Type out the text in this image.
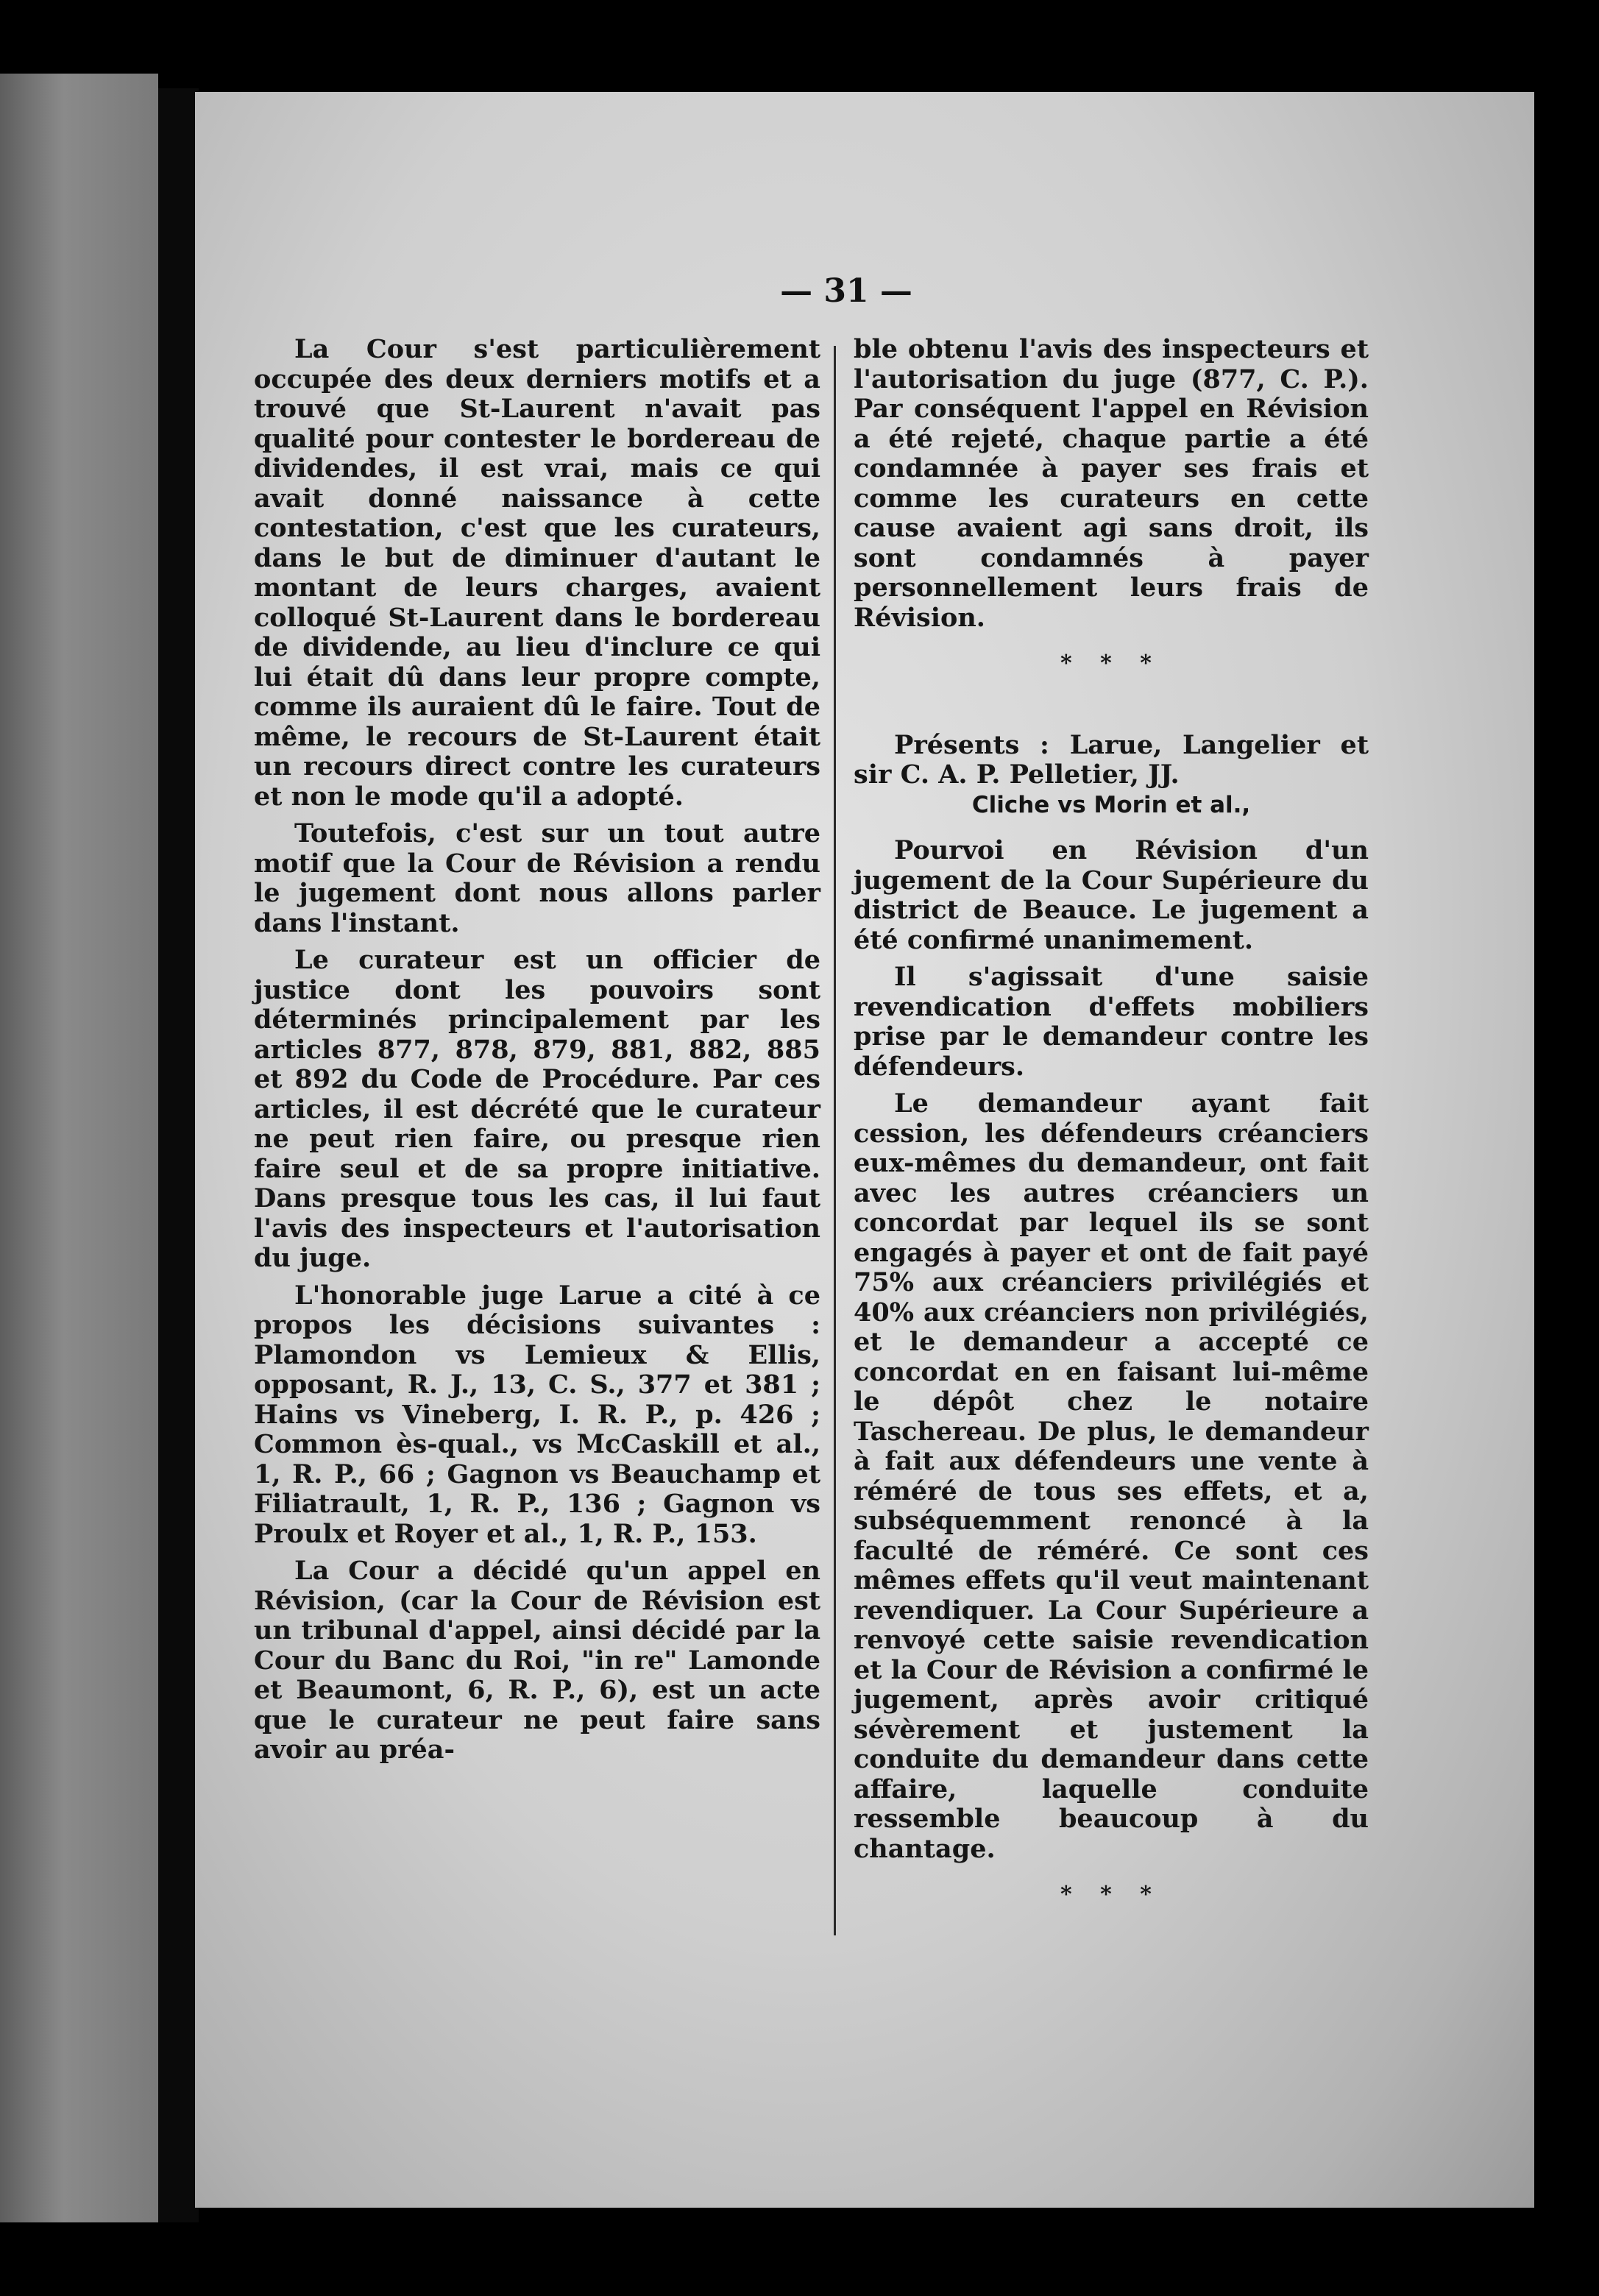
— 31 —

La Cour s'est particulièrement occupée des deux derniers motifs et a trouvé que St-Laurent n'avait pas qualité pour contester le bordereau de dividendes, il est vrai, mais ce qui avait donné naissance à cette contestation, c'est que les curateurs, dans le but de diminuer d'autant le montant de leurs charges, avaient colloqué St-Laurent dans le bordereau de dividende, au lieu d'inclure ce qui lui était dû dans leur propre compte, comme ils auraient dû le faire. Tout de même, le recours de St-Laurent était un recours direct contre les curateurs et non le mode qu'il a adopté.

Toutefois, c'est sur un tout autre motif que la Cour de Révision a rendu le jugement dont nous allons parler dans l'instant.

Le curateur est un officier de justice dont les pouvoirs sont déterminés principalement par les articles 877, 878, 879, 881, 882, 885 et 892 du Code de Procédure. Par ces articles, il est décrété que le curateur ne peut rien faire, ou presque rien faire seul et de sa propre initiative. Dans presque tous les cas, il lui faut l'avis des inspecteurs et l'autorisation du juge.

L'honorable juge Larue a cité à ce propos les décisions suivantes : Plamondon vs Lemieux & Ellis, opposant, R. J., 13, C. S., 377 et 381 ; Hains vs Vineberg, I. R. P., p. 426 ; Common ès-qual., vs McCaskill et al., 1, R. P., 66 ; Gagnon vs Beauchamp et Filiatrault, 1, R. P., 136 ; Gagnon vs Proulx et Royer et al., 1, R. P., 153.

La Cour a décidé qu'un appel en Révision, (car la Cour de Révision est un tribunal d'appel, ainsi décidé par la Cour du Banc du Roi, "in re" Lamonde et Beaumont, 6, R. P., 6), est un acte que le curateur ne peut faire sans avoir au préa-

ble obtenu l'avis des inspecteurs et l'autorisation du juge (877, C. P.). Par conséquent l'appel en Révision a été rejeté, chaque partie a été condamnée à payer ses frais et comme les curateurs en cette cause avaient agi sans droit, ils sont condamnés à payer personnellement leurs frais de Révision.

* * *

Présents : Larue, Langelier et sir C. A. P. Pelletier, JJ.

Cliche vs Morin et al.,

Pourvoi en Révision d'un jugement de la Cour Supérieure du district de Beauce. Le jugement a été confirmé unanimement.

Il s'agissait d'une saisie revendication d'effets mobiliers prise par le demandeur contre les défendeurs.

Le demandeur ayant fait cession, les défendeurs créanciers eux-mêmes du demandeur, ont fait avec les autres créanciers un concordat par lequel ils se sont engagés à payer et ont de fait payé 75% aux créanciers privilégiés et 40% aux créanciers non privilégiés, et le demandeur a accepté ce concordat en en faisant lui-même le dépôt chez le notaire Taschereau. De plus, le demandeur à fait aux défendeurs une vente à réméré de tous ses effets, et a, subséquemment renoncé à la faculté de réméré. Ce sont ces mêmes effets qu'il veut maintenant revendiquer. La Cour Supérieure a renvoyé cette saisie revendication et la Cour de Révision a confirmé le jugement, après avoir critiqué sévèrement et justement la conduite du demandeur dans cette affaire, laquelle conduite ressemble beaucoup à du chantage.

* * *
